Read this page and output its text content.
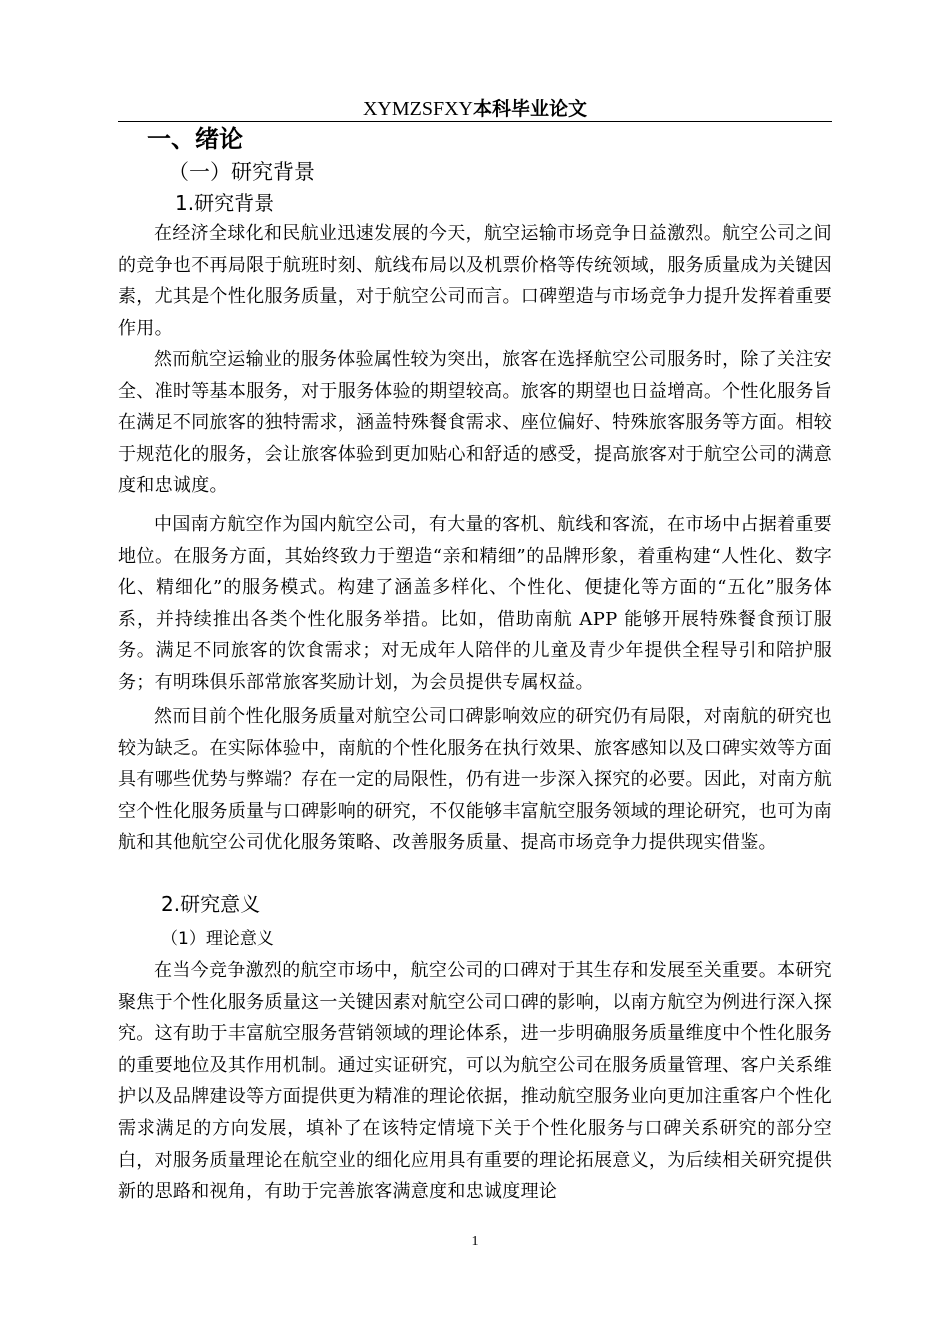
XYMZSFXY本科毕业论文
一、绪论
（一）研究背景
1.研究背景

在经济全球化和民航业迅速发展的今天，航空运输市场竞争日益激烈。航空公司之间的竞争也不再局限于航班时刻、航线布局以及机票价格等传统领域，服务质量成为关键因素，尤其是个性化服务质量，对于航空公司而言。口碑塑造与市场竞争力提升发挥着重要作用。

然而航空运输业的服务体验属性较为突出，旅客在选择航空公司服务时，除了关注安全、准时等基本服务，对于服务体验的期望较高。旅客的期望也日益增高。个性化服务旨在满足不同旅客的独特需求，涵盖特殊餐食需求、座位偏好、特殊旅客服务等方面。相较于规范化的服务，会让旅客体验到更加贴心和舒适的感受，提高旅客对于航空公司的满意度和忠诚度。

中国南方航空作为国内航空公司，有大量的客机、航线和客流，在市场中占据着重要地位。在服务方面，其始终致力于塑造“亲和精细”的品牌形象，着重构建“人性化、数字化、精细化”的服务模式。构建了涵盖多样化、个性化、便捷化等方面的“五化”服务体系，并持续推出各类个性化服务举措。比如，借助南航 APP 能够开展特殊餐食预订服务。满足不同旅客的饮食需求；对无成年人陪伴的儿童及青少年提供全程导引和陪护服务；有明珠俱乐部常旅客奖励计划，为会员提供专属权益。

然而目前个性化服务质量对航空公司口碑影响效应的研究仍有局限，对南航的研究也较为缺乏。在实际体验中，南航的个性化服务在执行效果、旅客感知以及口碑实效等方面具有哪些优势与弊端？存在一定的局限性，仍有进一步深入探究的必要。因此，对南方航空个性化服务质量与口碑影响的研究，不仅能够丰富航空服务领域的理论研究，也可为南航和其他航空公司优化服务策略、改善服务质量、提高市场竞争力提供现实借鉴。

2.研究意义
（1）理论意义

在当今竞争激烈的航空市场中，航空公司的口碑对于其生存和发展至关重要。本研究聚焦于个性化服务质量这一关键因素对航空公司口碑的影响，以南方航空为例进行深入探究。这有助于丰富航空服务营销领域的理论体系，进一步明确服务质量维度中个性化服务的重要地位及其作用机制。通过实证研究，可以为航空公司在服务质量管理、客户关系维护以及品牌建设等方面提供更为精准的理论依据，推动航空服务业向更加注重客户个性化需求满足的方向发展，填补了在该特定情境下关于个性化服务与口碑关系研究的部分空白，对服务质量理论在航空业的细化应用具有重要的理论拓展意义，为后续相关研究提供新的思路和视角，有助于完善旅客满意度和忠诚度理论

1
